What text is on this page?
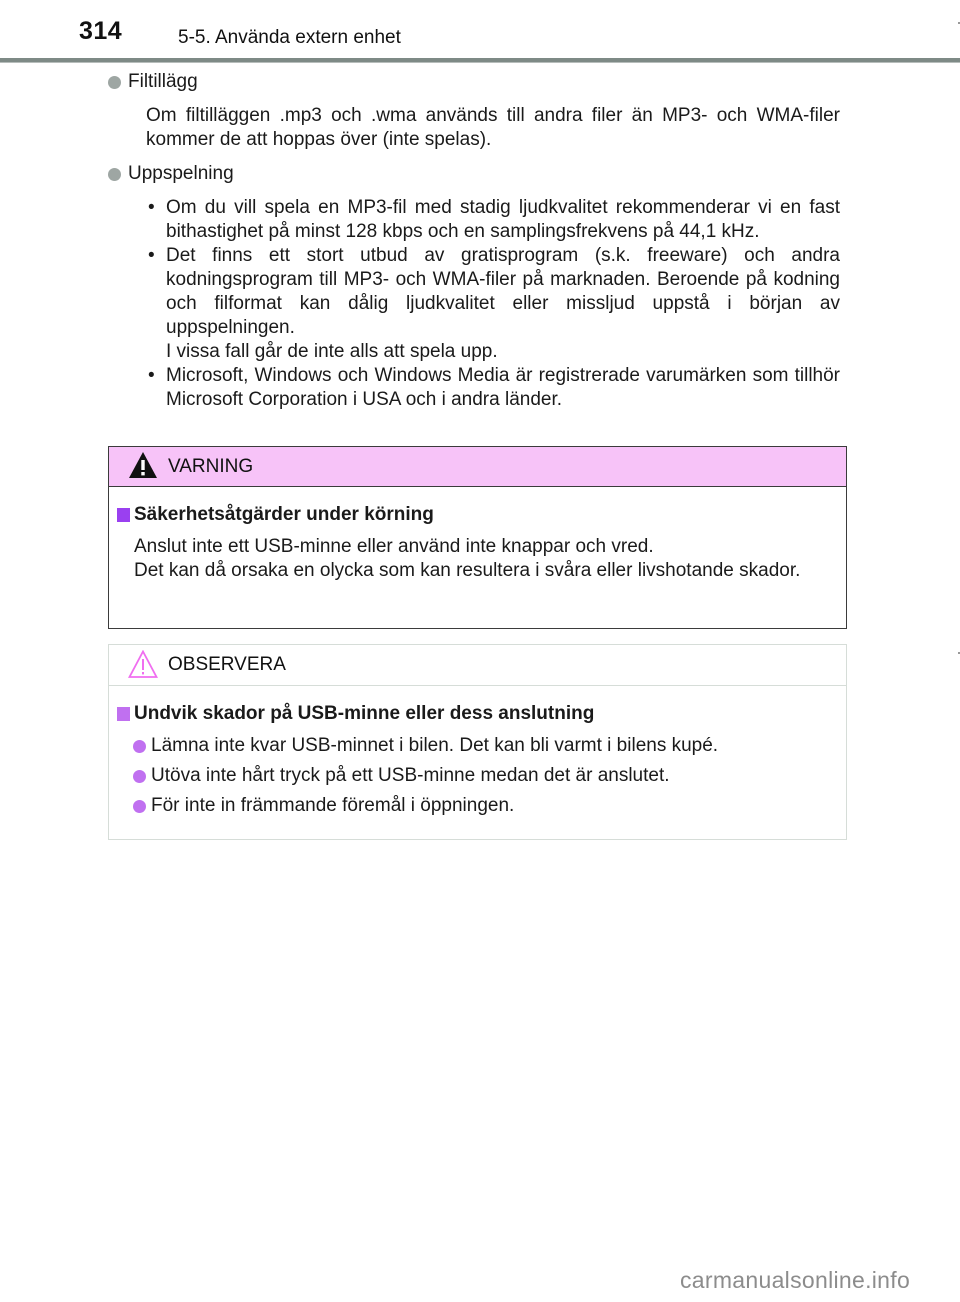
314	5-5. Använda extern enhet
Filtillägg
Om filtilläggen .mp3 och .wma används till andra filer än MP3- och WMA-filer kommer de att hoppas över (inte spelas).
Uppspelning
• Om du vill spela en MP3-fil med stadig ljudkvalitet rekommenderar vi en fast bithastighet på minst 128 kbps och en samplingsfrekvens på 44,1 kHz.
• Det finns ett stort utbud av gratisprogram (s.k. freeware) och andra kodningsprogram till MP3- och WMA-filer på marknaden. Beroende på kodning och filformat kan dålig ljudkvalitet eller missljud uppstå i början av uppspelningen.
I vissa fall går de inte alls att spela upp.
• Microsoft, Windows och Windows Media är registrerade varumärken som tillhör Microsoft Corporation i USA och i andra länder.
VARNING
Säkerhetsåtgärder under körning
Anslut inte ett USB-minne eller använd inte knappar och vred.
Det kan då orsaka en olycka som kan resultera i svåra eller livshotande skador.
OBSERVERA
Undvik skador på USB-minne eller dess anslutning
Lämna inte kvar USB-minnet i bilen. Det kan bli varmt i bilens kupé.
Utöva inte hårt tryck på ett USB-minne medan det är anslutet.
För inte in främmande föremål i öppningen.
carmanualsonline.info
